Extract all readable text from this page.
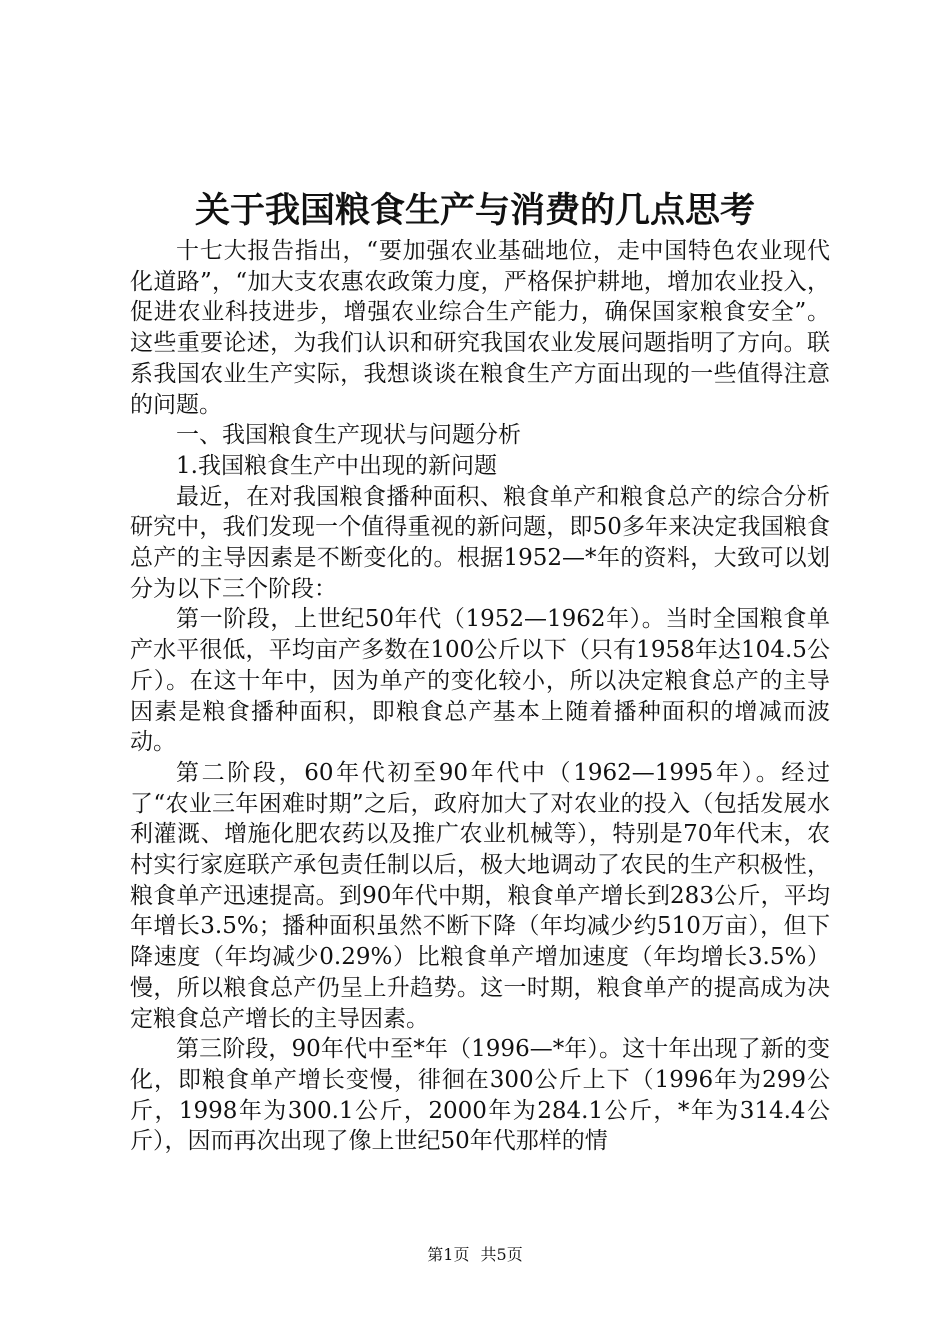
关于我国粮食生产与消费的几点思考

十七大报告指出，“要加强农业基础地位，走中国特色农业现代化道路”，“加大支农惠农政策力度，严格保护耕地，增加农业投入，促进农业科技进步，增强农业综合生产能力，确保国家粮食安全”。这些重要论述，为我们认识和研究我国农业发展问题指明了方向。联系我国农业生产实际，我想谈谈在粮食生产方面出现的一些值得注意的问题。

一、我国粮食生产现状与问题分析

1.我国粮食生产中出现的新问题

最近，在对我国粮食播种面积、粮食单产和粮食总产的综合分析研究中，我们发现一个值得重视的新问题，即50多年来决定我国粮食总产的主导因素是不断变化的。根据1952—*年的资料，大致可以划分为以下三个阶段：

第一阶段，上世纪50年代（1952—1962年）。当时全国粮食单产水平很低，平均亩产多数在100公斤以下（只有1958年达104.5公斤）。在这十年中，因为单产的变化较小，所以决定粮食总产的主导因素是粮食播种面积，即粮食总产基本上随着播种面积的增减而波动。

第二阶段，60年代初至90年代中（1962—1995年）。经过了“农业三年困难时期”之后，政府加大了对农业的投入（包括发展水利灌溉、增施化肥农药以及推广农业机械等），特别是70年代末，农村实行家庭联产承包责任制以后，极大地调动了农民的生产积极性，粮食单产迅速提高。到90年代中期，粮食单产增长到283公斤，平均年增长3.5%；播种面积虽然不断下降（年均减少约510万亩），但下降速度（年均减少0.29%）比粮食单产增加速度（年均增长3.5%）慢，所以粮食总产仍呈上升趋势。这一时期，粮食单产的提高成为决定粮食总产增长的主导因素。

第三阶段，90年代中至*年（1996—*年）。这十年出现了新的变化，即粮食单产增长变慢，徘徊在300公斤上下（1996年为299公斤，1998年为300.1公斤，2000年为284.1公斤，*年为314.4公斤），因而再次出现了像上世纪50年代那样的情

第1页 共5页
